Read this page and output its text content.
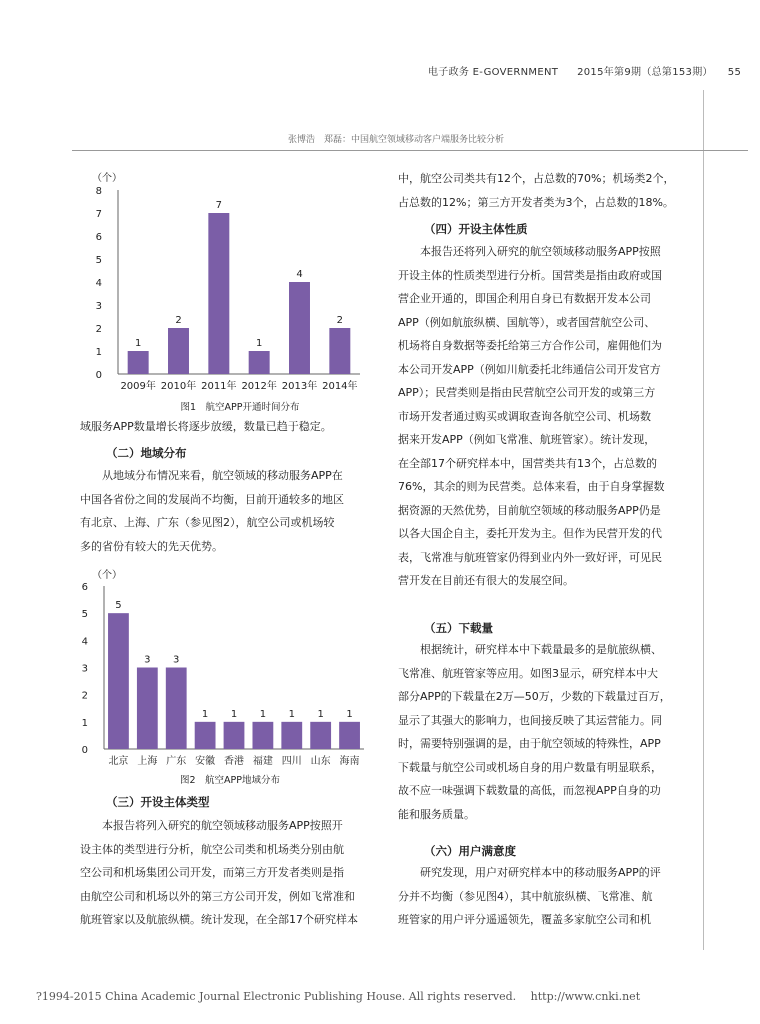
电子政务 E-GOVERNMENT 2015年第9期（总第153期） 55
张博浩　郑磊：中国航空领域移动客户端服务比较分析
（个）
0
1
2
3
4
5
6
7
8
1
2009年
2
2010年
7
2011年
1
2012年
4
2013年
2
2014年
图1　航空APP开通时间分布
（个）
0
1
2
3
4
5
6
5
北京
3
上海
3
广东
1
安徽
1
香港
1
福建
1
四川
1
山东
1
海南
图2　航空APP地域分布

域服务APP数量增长将逐步放缓，数量已趋于稳定。

（二）地域分布

　　从地域分布情况来看，航空领域的移动服务APP在

中国各省份之间的发展尚不均衡，目前开通较多的地区

有北京、上海、广东（参见图2），航空公司或机场较

多的省份有较大的先天优势。

（三）开设主体类型

　　本报告将列入研究的航空领域移动服务APP按照开

设主体的类型进行分析，航空公司类和机场类分别由航

空公司和机场集团公司开发，而第三方开发者类则是指

由航空公司和机场以外的第三方公司开发，例如飞常准和

航班管家以及航旅纵横。统计发现，在全部17个研究样本

中，航空公司类共有12个，占总数的70%；机场类2个，

占总数的12%；第三方开发者类为3个，占总数的18%。

（四）开设主体性质

　　本报告还将列入研究的航空领域移动服务APP按照

开设主体的性质类型进行分析。国营类是指由政府或国

营企业开通的，即国企利用自身已有数据开发本公司

APP（例如航旅纵横、国航等），或者国营航空公司、

机场将自身数据等委托给第三方合作公司，雇佣他们为

本公司开发APP（例如川航委托北纬通信公司开发官方

APP）；民营类则是指由民营航空公司开发的或第三方

市场开发者通过购买或调取查询各航空公司、机场数

据来开发APP（例如飞常准、航班管家）。统计发现，

在全部17个研究样本中，国营类共有13个，占总数的

76%，其余的则为民营类。总体来看，由于自身掌握数

据资源的天然优势，目前航空领域的移动服务APP仍是

以各大国企自主，委托开发为主。但作为民营开发的代

表，飞常准与航班管家仍得到业内外一致好评，可见民

营开发在目前还有很大的发展空间。

（五）下载量

　　根据统计，研究样本中下载量最多的是航旅纵横、

飞常准、航班管家等应用。如图3显示，研究样本中大

部分APP的下载量在2万—50万，少数的下载量过百万，

显示了其强大的影响力，也间接反映了其运营能力。同

时，需要特别强调的是，由于航空领域的特殊性，APP

下载量与航空公司或机场自身的用户数量有明显联系，

故不应一味强调下载数量的高低，而忽视APP自身的功

能和服务质量。

（六）用户满意度

　　研究发现，用户对研究样本中的移动服务APP的评

分并不均衡（参见图4），其中航旅纵横、飞常准、航

班管家的用户评分遥遥领先，覆盖多家航空公司和机

?1994-2015 China Academic Journal Electronic Publishing House. All rights reserved.　 http://www.cnki.net
